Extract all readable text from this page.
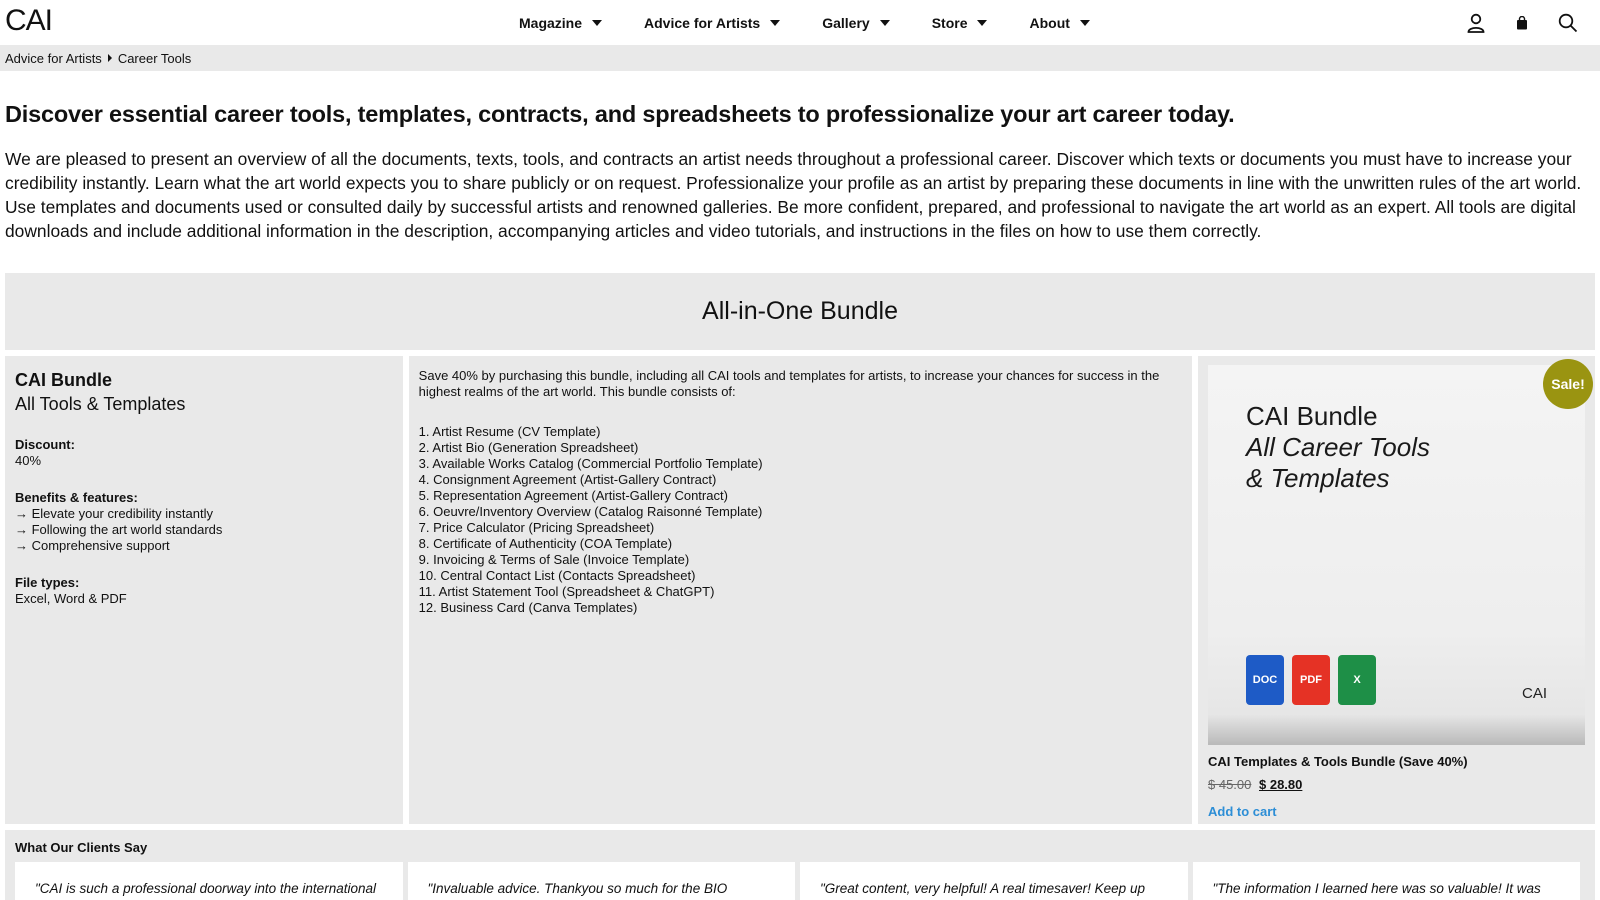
CAI	Magazine	Advice for Artists	Gallery	Store	About
Advice for Artists Career Tools
Discover essential career tools, templates, contracts, and spreadsheets to professionalize your art career today.

We are pleased to present an overview of all the documents, texts, tools, and contracts an artist needs throughout a professional career. Discover which texts or documents you must have to increase your credibility instantly. Learn what the art world expects you to share publicly or on request. Professionalize your profile as an artist by preparing these documents in line with the unwritten rules of the art world. Use templates and documents used or consulted daily by successful artists and renowned galleries. Be more confident, prepared, and professional to navigate the art world as an expert. All tools are digital downloads and include additional information in the description, accompanying articles and video tutorials, and instructions in the files on how to use them correctly.

All-in-One Bundle
CAI Bundle
All Tools & Templates
Discount:
40%
Benefits & features:
→ Elevate your credibility instantly
→ Following the art world standards
→ Comprehensive support
File types:
Excel, Word & PDF
Save 40% by purchasing this bundle, including all CAI tools and templates for artists, to increase your chances for success in the highest realms of the art world. This bundle consists of:
1. Artist Resume (CV Template)
2. Artist Bio (Generation Spreadsheet)
3. Available Works Catalog (Commercial Portfolio Template)
4. Consignment Agreement (Artist-Gallery Contract)
5. Representation Agreement (Artist-Gallery Contract)
6. Oeuvre/Inventory Overview (Catalog Raisonné Template)
7. Price Calculator (Pricing Spreadsheet)
8. Certificate of Authenticity (COA Template)
9. Invoicing & Terms of Sale (Invoice Template)
10. Central Contact List (Contacts Spreadsheet)
11. Artist Statement Tool (Spreadsheet & ChatGPT)
12. Business Card (Canva Templates)
CAI Bundle
All Career Tools
& Templates
DOC	PDF	X
CAI
Sale!
CAI Templates & Tools Bundle (Save 40%)
$ 45.00 $ 28.80
Add to cart
What Our Clients Say
"CAI is such a professional doorway into the international	"Invaluable advice. Thankyou so much for the BIO	"Great content, very helpful! A real timesaver! Keep up	"The information I learned here was so valuable! It was
